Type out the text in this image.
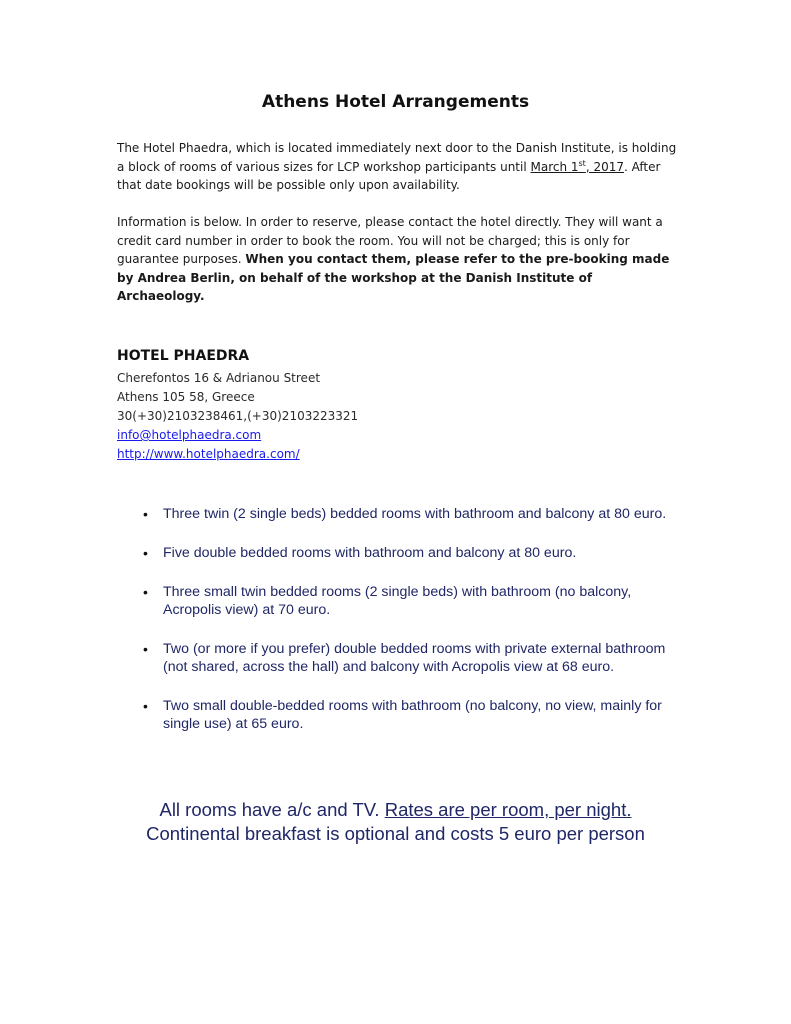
Athens Hotel Arrangements
The Hotel Phaedra, which is located immediately next door to the Danish Institute, is holding a block of rooms of various sizes for LCP workshop participants until March 1st, 2017. After that date bookings will be possible only upon availability.
Information is below. In order to reserve, please contact the hotel directly. They will want a credit card number in order to book the room. You will not be charged; this is only for guarantee purposes. When you contact them, please refer to the pre-booking made by Andrea Berlin, on behalf of the workshop at the Danish Institute of Archaeology.
HOTEL PHAEDRA
Cherefontos 16 & Adrianou Street
Athens 105 58, Greece
30(+30)2103238461,(+30)2103223321
info@hotelphaedra.com
http://www.hotelphaedra.com/
• Three twin (2 single beds) bedded rooms with bathroom and balcony at 80 euro.
• Five double bedded rooms with bathroom and balcony at 80 euro.
• Three small twin bedded rooms (2 single beds) with bathroom (no balcony, Acropolis view) at 70 euro.
• Two (or more if you prefer) double bedded rooms with private external bathroom (not shared, across the hall) and balcony with Acropolis view at 68 euro.
• Two small double-bedded rooms with bathroom (no balcony, no view, mainly for single use) at 65 euro.
All rooms have a/c and TV. Rates are per room, per night.
Continental breakfast is optional and costs 5 euro per person
